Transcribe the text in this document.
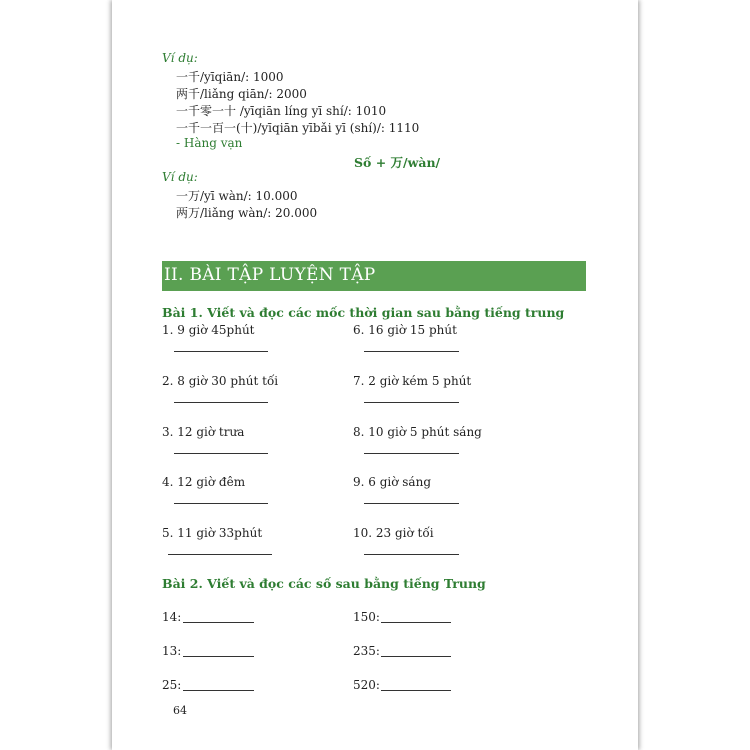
Ví dụ:
一千/yīqiān/: 1000
两千/liǎng qiān/: 2000
一千零一十 /yīqiān líng yī shí/: 1010
一千一百一(十)/yīqiān yībǎi yī (shí)/: 1110
- Hàng vạn
Số + 万/wàn/
Ví dụ:
一万/yī wàn/: 10.000
两万/liǎng wàn/: 20.000
II. BÀI TẬP LUYỆN TẬP
Bài 1. Viết và đọc các mốc thời gian sau bằng tiếng trung
1. 9 giờ 45phút	6. 16 giờ 15 phút
2. 8 giờ 30 phút tối	7. 2 giờ kém 5 phút
3. 12 giờ trưa	8. 10 giờ 5 phút sáng
4. 12 giờ đêm	9. 6 giờ sáng
5. 11 giờ 33phút	10. 23 giờ tối
Bài 2. Viết và đọc các số sau bằng tiếng Trung
14:	150:
13:	235:
25:	520:
64
